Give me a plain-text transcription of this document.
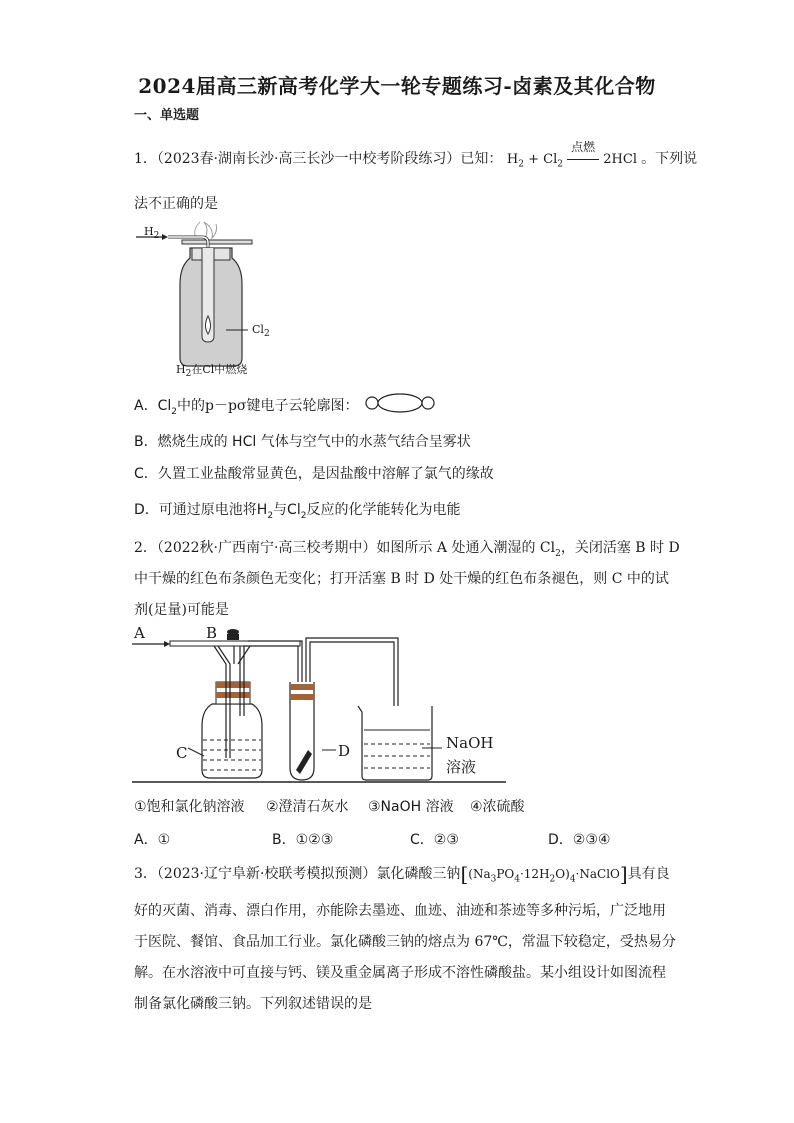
2024届高三新高考化学大一轮专题练习-卤素及其化合物
一、单选题
1．（2023春·湖南长沙·高三长沙一中校考阶段练习）已知： $H_2 + Cl_2$
点燃
2HCl 。下列说
法不正确的是
$H_2$
$Cl_2$
$H_2$在Cl中燃烧
A．$Cl_2$中的p－pσ键电子云轮廓图：
B．燃烧生成的 HCl 气体与空气中的水蒸气结合呈雾状
C．久置工业盐酸常显黄色，是因盐酸中溶解了氯气的缘故
D．可通过原电池将$H_2$与$Cl_2$反应的化学能转化为电能
2．（2022秋·广西南宁·高三校考期中）如图所示 A 处通入潮湿的 $Cl_2$，关闭活塞 B 时 D
中干燥的红色布条颜色无变化；打开活塞 B 时 D 处干燥的红色布条褪色，则 C 中的试
剂(足量)可能是
A	B
C	D	NaOH
溶液
①饱和氯化钠溶液 ②澄清石灰水 ③NaOH 溶液 ④浓硫酸
A．①	B．①②③	C．②③	D．②③④
3．（2023·辽宁阜新·校联考模拟预测）氯化磷酸三钠$[(Na_3PO_4\cdot 12H_2O)_4\cdot NaClO]$具有良
好的灭菌、消毒、漂白作用，亦能除去墨迹、血迹、油迹和茶迹等多种污垢，广泛地用
于医院、餐馆、食品加工行业。氯化磷酸三钠的熔点为 67℃，常温下较稳定，受热易分
解。在水溶液中可直接与钙、镁及重金属离子形成不溶性磷酸盐。某小组设计如图流程
制备氯化磷酸三钠。下列叙述错误的是
